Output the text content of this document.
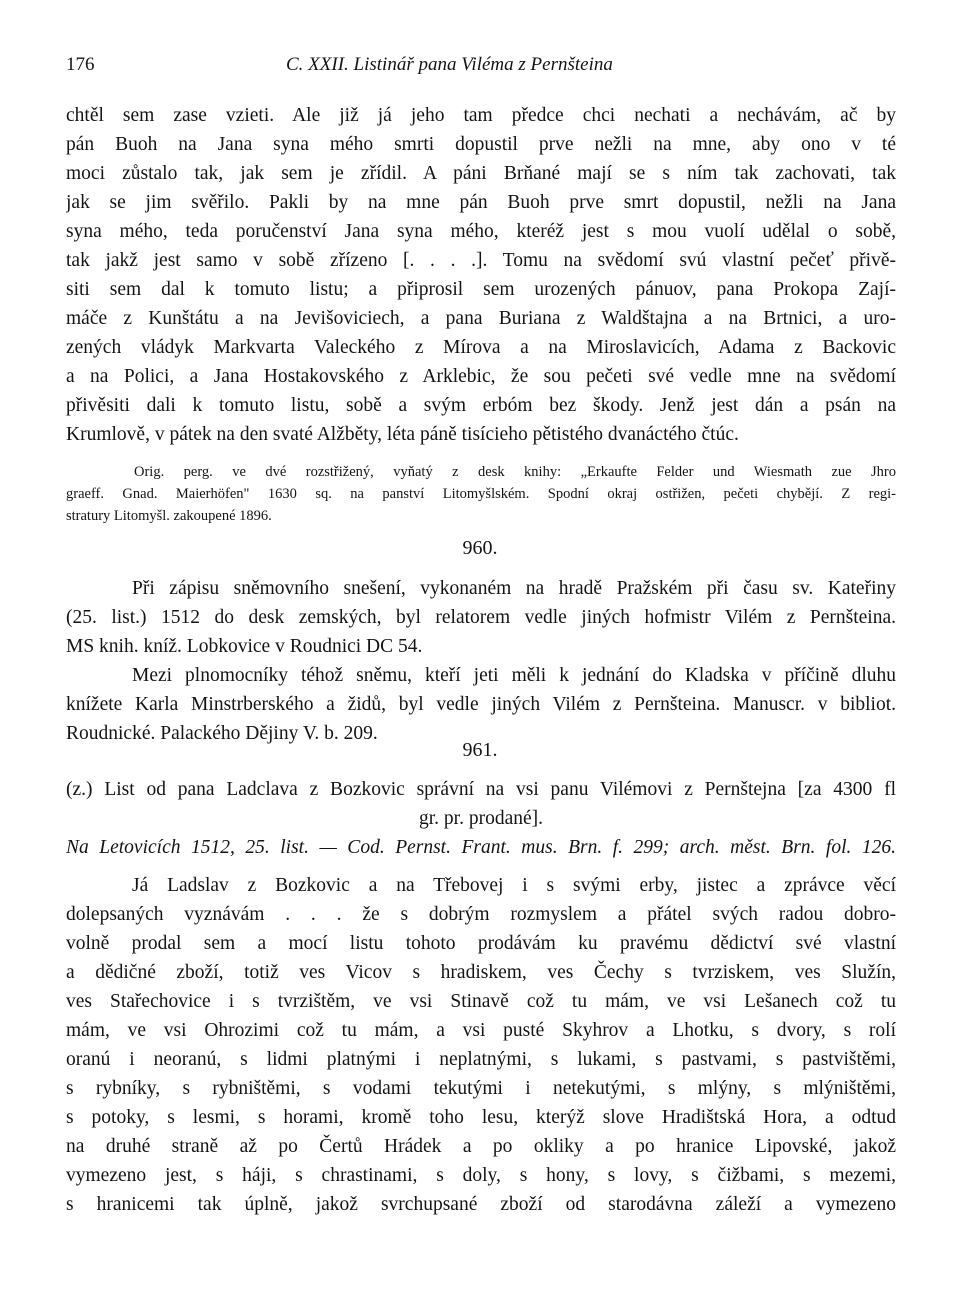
176	C. XXII. Listinář pana Viléma z Pernšteina
chtěl sem zase vzieti. Ale již já jeho tam předce chci nechati a nechávám, ač by
pán Buoh na Jana syna mého smrti dopustil prve nežli na mne, aby ono v té
moci zůstalo tak, jak sem je zřídil. A páni Brňané mají se s ním tak zachovati, tak
jak se jim svěřilo. Pakli by na mne pán Buoh prve smrt dopustil, nežli na Jana
syna mého, teda poručenství Jana syna mého, kteréž jest s mou vuolí udělal o sobě,
tak jakž jest samo v sobě zřízeno [. . . .]. Tomu na svědomí svú vlastní pečeť přivě-
siti sem dal k tomuto listu; a připrosil sem urozených pánuov, pana Prokopa Zají-
máče z Kunštátu a na Jevišoviciech, a pana Buriana z Waldštajna a na Brtnici, a uro-
zených vládyk Markvarta Valeckého z Mírova a na Miroslavicích, Adama z Backovic
a na Polici, a Jana Hostakovského z Arklebic, že sou pečeti své vedle mne na svědomí
přivěsiti dali k tomuto listu, sobě a svým erbóm bez škody. Jenž jest dán a psán na
Krumlově, v pátek na den svaté Alžběty, léta páně tisícieho pětistého dvanáctého čtúc.
Orig. perg. ve dvé rozstřižený, vyňatý z desk knihy: „Erkaufte Felder und Wiesmath zue Jhro
graeff. Gnad. Maierhöfen" 1630 sq. na panství Litomyšlském. Spodní okraj ostřižen, pečeti chybějí. Z regi-
stratury Litomyšl. zakoupené 1896.
960.
Při zápisu sněmovního snešení, vykonaném na hradě Pražském při času sv. Kateřiny
(25. list.) 1512 do desk zemských, byl relatorem vedle jiných hofmistr Vilém z Pernšteina.
MS knih. kníž. Lobkovice v Roudnici DC 54.
Mezi plnomocníky téhož sněmu, kteří jeti měli k jednání do Kladska v příčině dluhu
knížete Karla Minstrberského a židů, byl vedle jiných Vilém z Pernšteina. Manuscr. v bibliot.
Roudnické. Palackého Dějiny V. b. 209.
961.
(z.) List od pana Ladclava z Bozkovic správní na vsi panu Vilémovi z Pernštejna [za 4300 fl
gr. pr. prodané].
Na Letovicích 1512, 25. list. — Cod. Pernst. Frant. mus. Brn. f. 299; arch. měst. Brn. fol. 126.
Já Ladslav z Bozkovic a na Třebovej i s svými erby, jistec a zprávce věcí
dolepsaných vyznávám . . . že s dobrým rozmyslem a přátel svých radou dobro-
volně prodal sem a mocí listu tohoto prodávám ku pravému dědictví své vlastní
a dědičné zboží, totiž ves Vicov s hradiskem, ves Čechy s tvrziskem, ves Služín,
ves Stařechovice i s tvrzištěm, ve vsi Stinavě což tu mám, ve vsi Lešanech což tu
mám, ve vsi Ohrozimi což tu mám, a vsi pusté Skyhrov a Lhotku, s dvory, s rolí
oranú i neoranú, s lidmi platnými i neplatnými, s lukami, s pastvami, s pastvištěmi,
s rybníky, s rybništěmi, s vodami tekutými i netekutými, s mlýny, s mlýništěmi,
s potoky, s lesmi, s horami, kromě toho lesu, kterýž slove Hradištská Hora, a odtud
na druhé straně až po Čertů Hrádek a po okliky a po hranice Lipovské, jakož
vymezeno jest, s háji, s chrastinami, s doly, s hony, s lovy, s čižbami, s mezemi,
s hranicemi tak úplně, jakož svrchupsané zboží od starodávna záleží a vymezeno
